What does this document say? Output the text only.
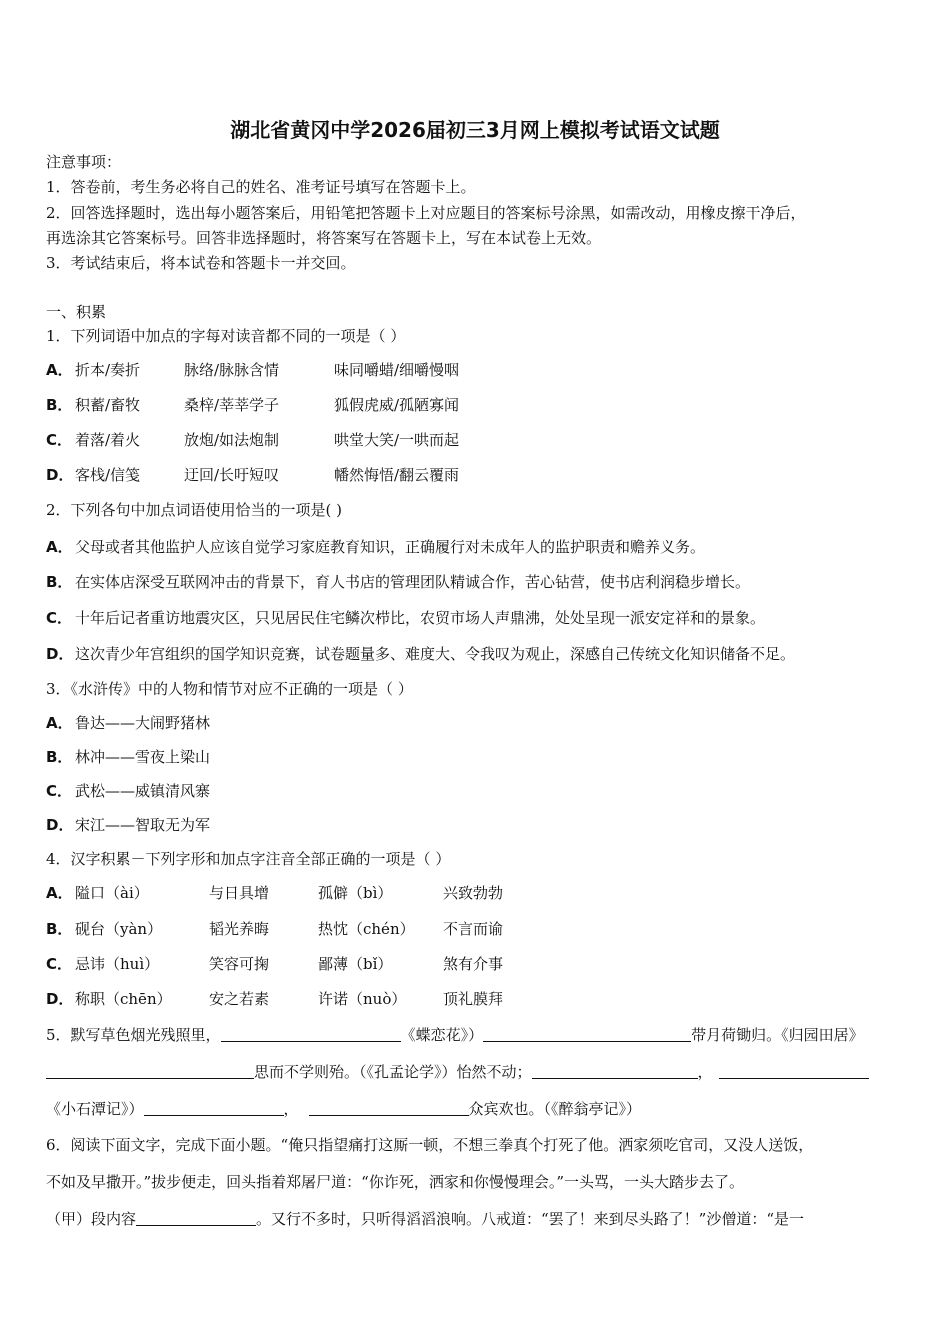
湖北省黄冈中学2026届初三3月网上模拟考试语文试题
注意事项：
1．答卷前，考生务必将自己的姓名、准考证号填写在答题卡上。
2．回答选择题时，选出每小题答案后，用铅笔把答题卡上对应题目的答案标号涂黑，如需改动，用橡皮擦干净后，
再选涂其它答案标号。回答非选择题时，将答案写在答题卡上，写在本试卷上无效。
3．考试结束后，将本试卷和答题卡一并交回。
一、积累
1．下列词语中加点的字每对读音都不同的一项是（ ）
A． 折本/奏折	脉络/脉脉含情	味同嚼蜡/细嚼慢咽
B． 积蓄/畜牧	桑梓/莘莘学子	狐假虎威/孤陋寡闻
C． 着落/着火	放炮/如法炮制	哄堂大笑/一哄而起
D． 客栈/信笺	迂回/长吁短叹	幡然悔悟/翻云覆雨
2．下列各句中加点词语使用恰当的一项是( )
A． 父母或者其他监护人应该自觉学习家庭教育知识，正确履行对未成年人的监护职责和赡养义务。
B． 在实体店深受互联网冲击的背景下，育人书店的管理团队精诚合作，苦心钻营，使书店利润稳步增长。
C． 十年后记者重访地震灾区，只见居民住宅鳞次栉比，农贸市场人声鼎沸，处处呈现一派安定祥和的景象。
D． 这次青少年宫组织的国学知识竞赛，试卷题量多、难度大、令我叹为观止，深感自己传统文化知识储备不足。
3．《水浒传》中的人物和情节对应不正确的一项是（ ）
A． 鲁达——大闹野猪林
B． 林冲——雪夜上梁山
C． 武松——威镇清风寨
D． 宋江——智取无为军
4．汉字积累－下列字形和加点字注音全部正确的一项是（ ）
A． 隘口（ài）	与日具增	孤僻（bì）	兴致勃勃
B． 砚台（yàn）	韬光养晦	热忱（chén） 不言而谕
C． 忌讳（huì）	笑容可掬	鄙薄（bǐ）	煞有介事
D． 称职（chēn） 安之若素	许诺（nuò） 顶礼膜拜
5．默写草色烟光残照里，	《蝶恋花》）	带月荷锄归。《归园田居》
思而不学则殆。（《孔孟论学》）怡然不动；	，
《小石潭记》）	，	众宾欢也。（《醉翁亭记》）
6．阅读下面文字，完成下面小题。“俺只指望痛打这厮一顿，不想三拳真个打死了他。洒家须吃官司，又没人送饭，
不如及早撒开。”拔步便走，回头指着郑屠尸道：“你诈死，洒家和你慢慢理会。”一头骂，一头大踏步去了。
（甲）段内容	。又行不多时，只听得滔滔浪响。八戒道：“罢了！来到尽头路了！”沙僧道：“是一
